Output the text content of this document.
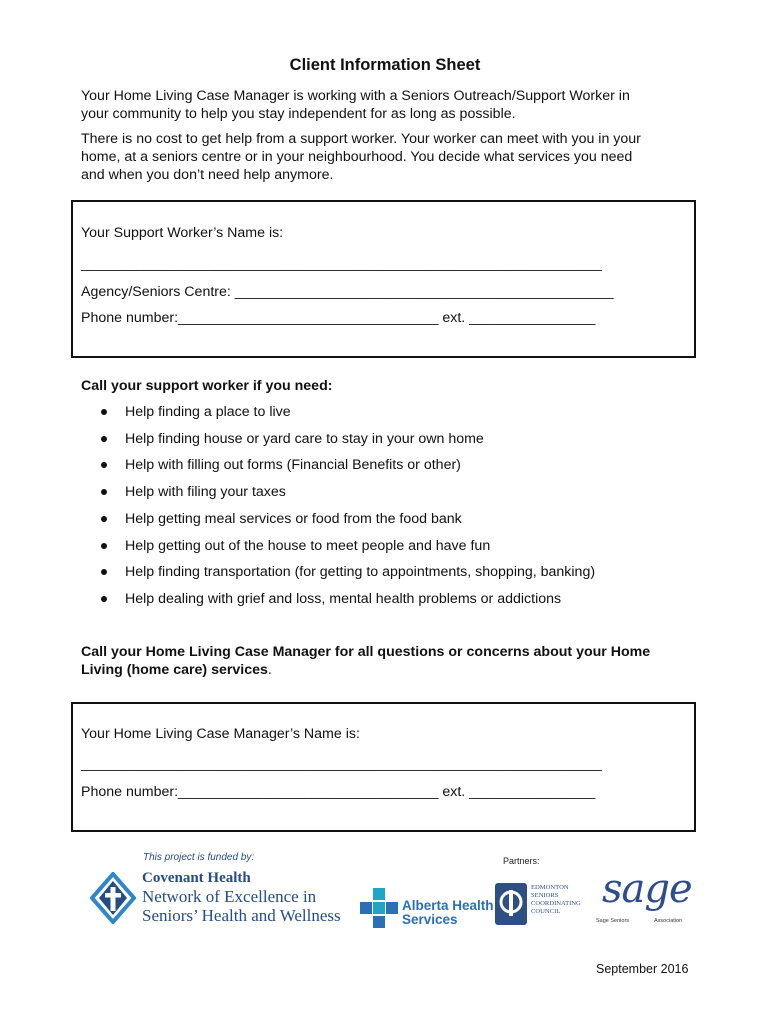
Client Information Sheet
Your Home Living Case Manager is working with a Seniors Outreach/Support Worker in
your community to help you stay independent for as long as possible.
There is no cost to get help from a support worker. Your worker can meet with you in your
home, at a seniors centre or in your neighbourhood. You decide what services you need
and when you don’t need help anymore.
Your Support Worker’s Name is:
__________________________________________________________________
Agency/Seniors Centre: ________________________________________________
Phone number:_________________________________ ext. ________________
Call your support worker if you need:
Help finding a place to live
Help finding house or yard care to stay in your own home
Help with filling out forms (Financial Benefits or other)
Help with filing your taxes
Help getting meal services or food from the food bank
Help getting out of the house to meet people and have fun
Help finding transportation (for getting to appointments, shopping, banking)
Help dealing with grief and loss, mental health problems or addictions
Call your Home Living Case Manager for all questions or concerns about your Home
Living (home care) services.
Your Home Living Case Manager’s Name is:
__________________________________________________________________
Phone number:_________________________________ ext. ________________
This project is funded by:	Partners:
Covenant Health
Network of Excellence in
Seniors’ Health and Wellness
Alberta Health
Services
EDMONTON
SENIORS
COORDINATING
COUNCIL	sage
Sage Seniors	Association
September 2016
